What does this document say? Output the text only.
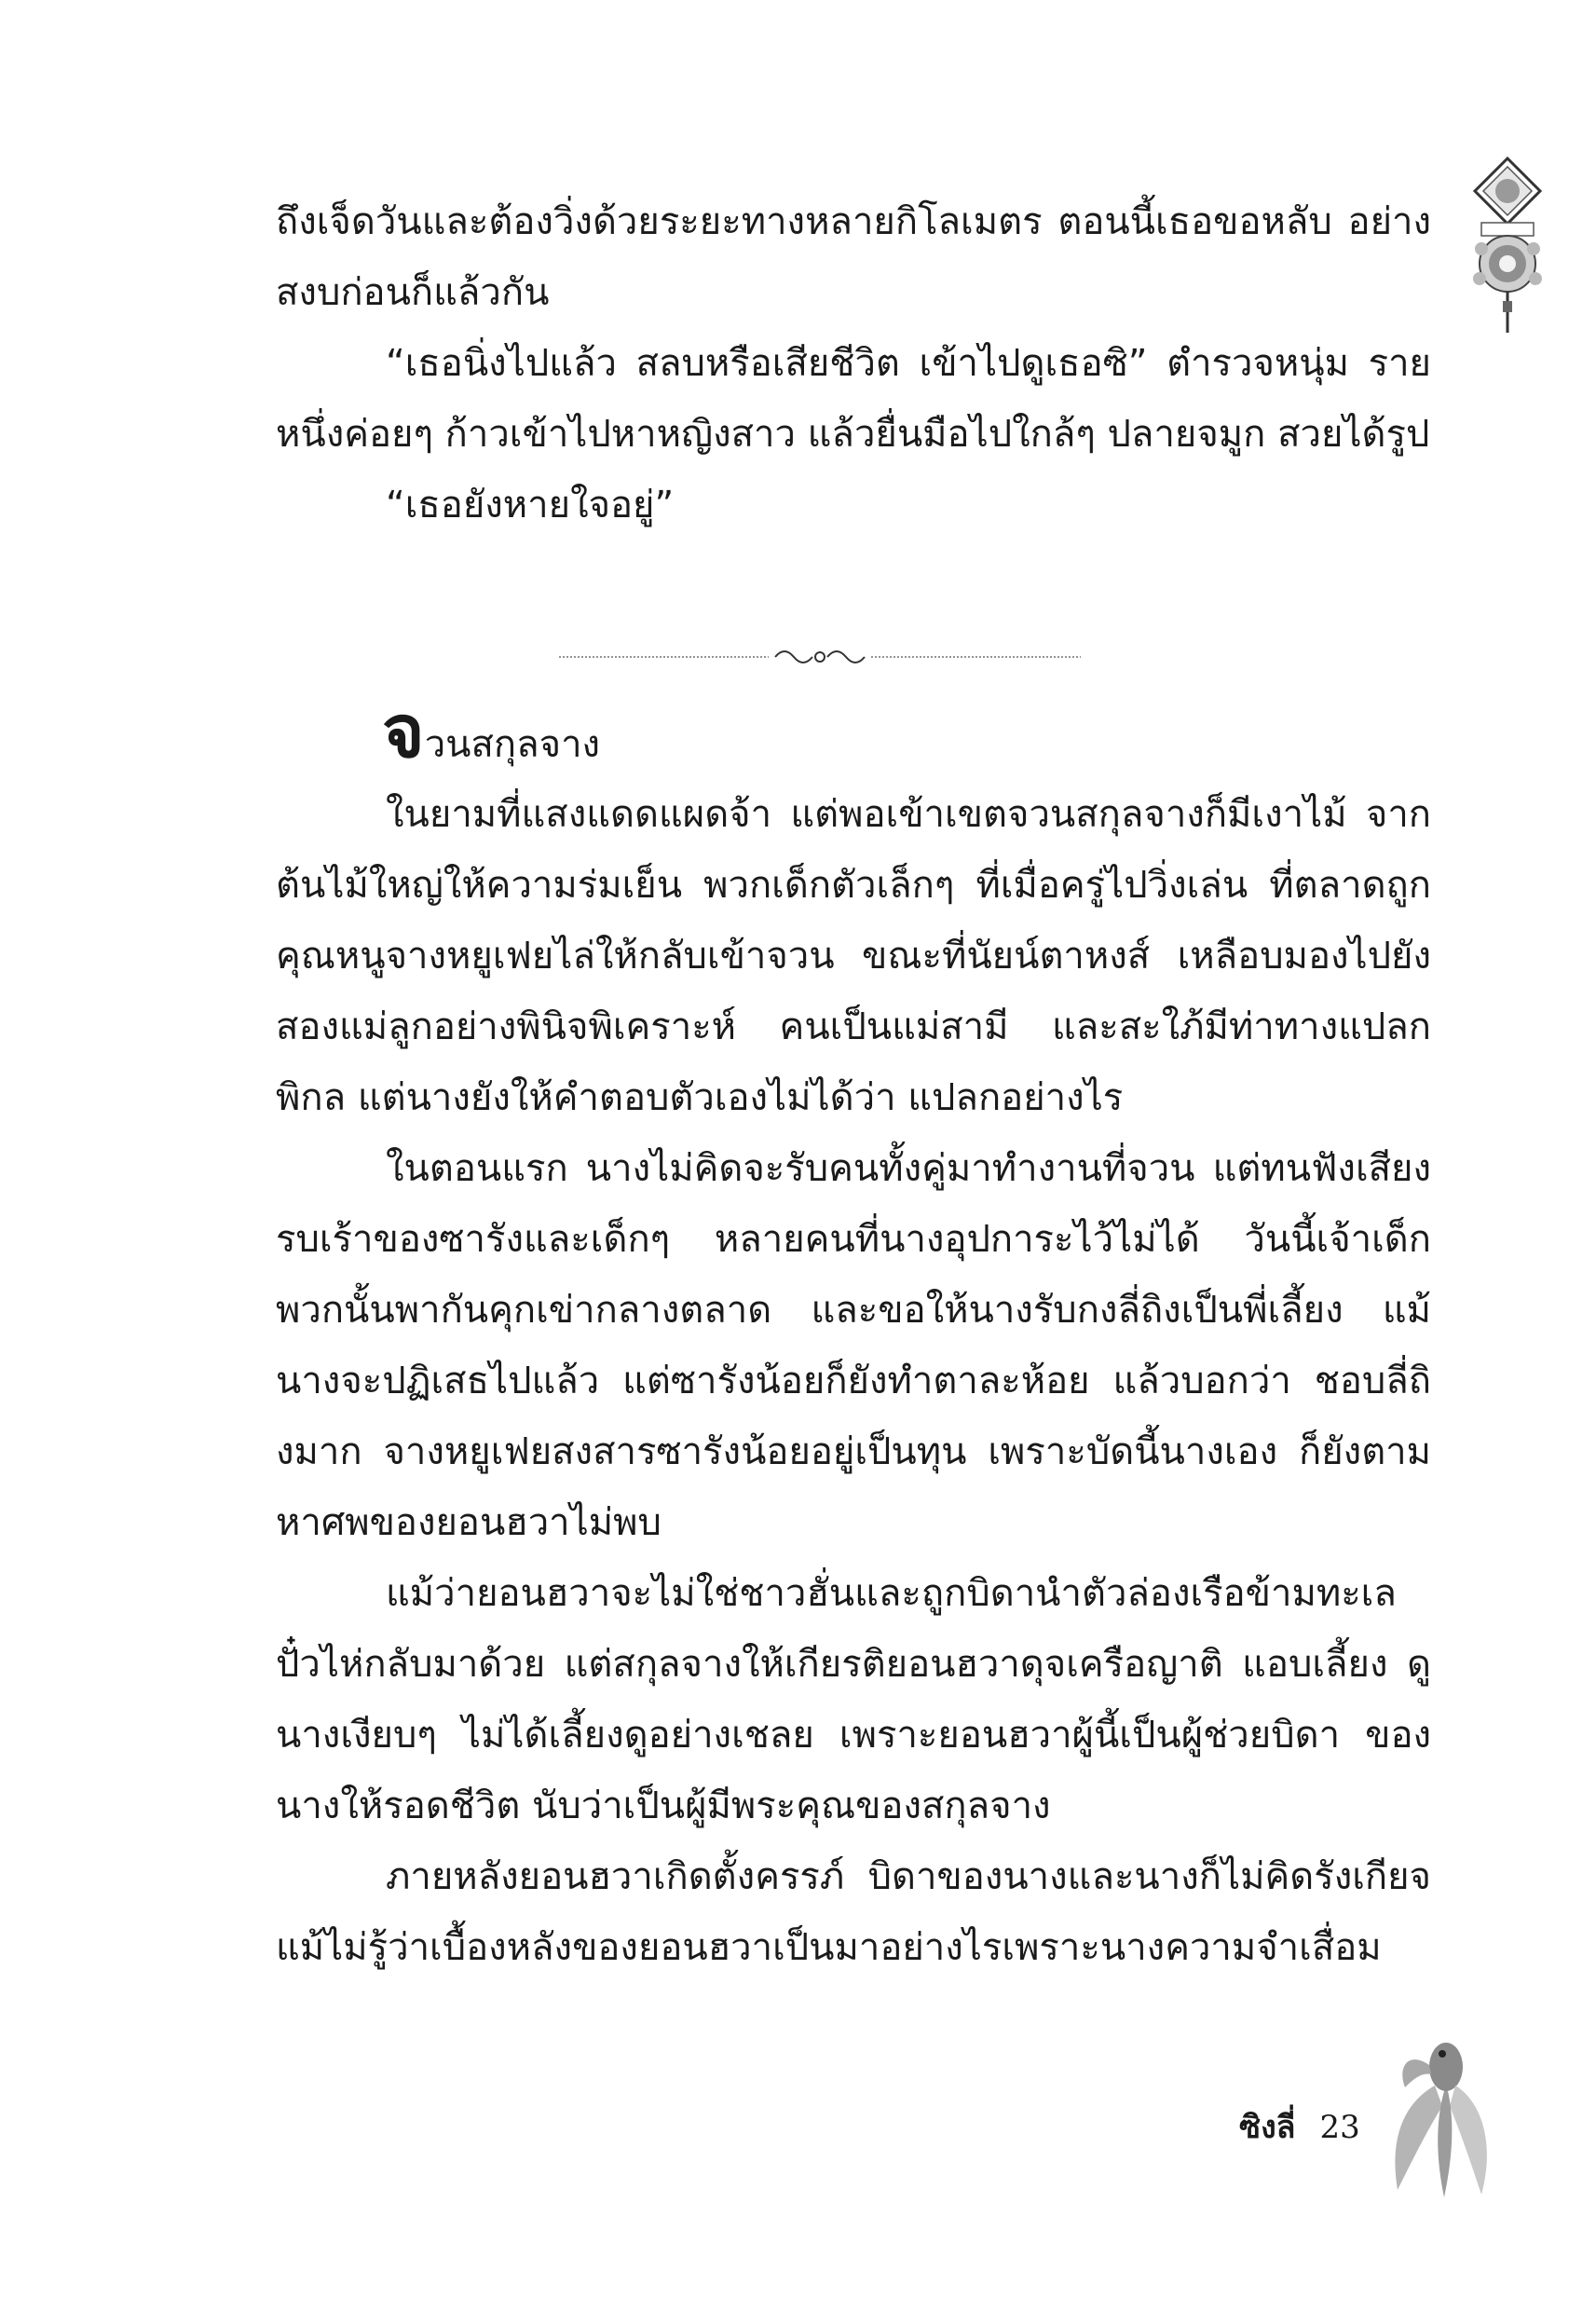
ถึงเจ็ดวันและต้องวิ่งด้วยระยะทางหลายกิโลเมตร ตอนนี้เธอขอหลับ อย่างสงบก่อนก็แล้วกัน

“เธอนิ่งไปแล้ว สลบหรือเสียชีวิต เข้าไปดูเธอซิ” ตำรวจหนุ่ม รายหนึ่งค่อยๆ ก้าวเข้าไปหาหญิงสาว แล้วยื่นมือไปใกล้ๆ ปลายจมูก สวยได้รูป

“เธอยังหายใจอยู่”

จวนสกุลจาง

ในยามที่แสงแดดแผดจ้า แต่พอเข้าเขตจวนสกุลจางก็มีเงาไม้ จากต้นไม้ใหญ่ให้ความร่มเย็น พวกเด็กตัวเล็กๆ ที่เมื่อครู่ไปวิ่งเล่น ที่ตลาดถูกคุณหนูจางหยูเฟยไล่ให้กลับเข้าจวน ขณะที่นัยน์ตาหงส์ เหลือบมองไปยังสองแม่ลูกอย่างพินิจพิเคราะห์ คนเป็นแม่สามี และสะใภ้มีท่าทางแปลกพิกล แต่นางยังให้คำตอบตัวเองไม่ได้ว่า แปลกอย่างไร

ในตอนแรก นางไม่คิดจะรับคนทั้งคู่มาทำงานที่จวน แต่ทนฟังเสียง รบเร้าของซารังและเด็กๆ หลายคนที่นางอุปการะไว้ไม่ได้ วันนี้เจ้าเด็ก พวกนั้นพากันคุกเข่ากลางตลาด และขอให้นางรับกงลี่ถิงเป็นพี่เลี้ยง แม้นางจะปฏิเสธไปแล้ว แต่ซารังน้อยก็ยังทำตาละห้อย แล้วบอกว่า ชอบลี่ถิงมาก จางหยูเฟยสงสารซารังน้อยอยู่เป็นทุน เพราะบัดนี้นางเอง ก็ยังตามหาศพของยอนฮวาไม่พบ

แม้ว่ายอนฮวาจะไม่ใช่ชาวฮั่นและถูกบิดานำตัวล่องเรือข้ามทะเล ปั๋วไห่กลับมาด้วย แต่สกุลจางให้เกียรติยอนฮวาดุจเครือญาติ แอบเลี้ยง ดูนางเงียบๆ ไม่ได้เลี้ยงดูอย่างเชลย เพราะยอนฮวาผู้นี้เป็นผู้ช่วยบิดา ของนางให้รอดชีวิต นับว่าเป็นผู้มีพระคุณของสกุลจาง

ภายหลังยอนฮวาเกิดตั้งครรภ์ บิดาของนางและนางก็ไม่คิดรังเกียจ แม้ไม่รู้ว่าเบื้องหลังของยอนฮวาเป็นมาอย่างไรเพราะนางความจำเสื่อม

ซิงลี่ 23
